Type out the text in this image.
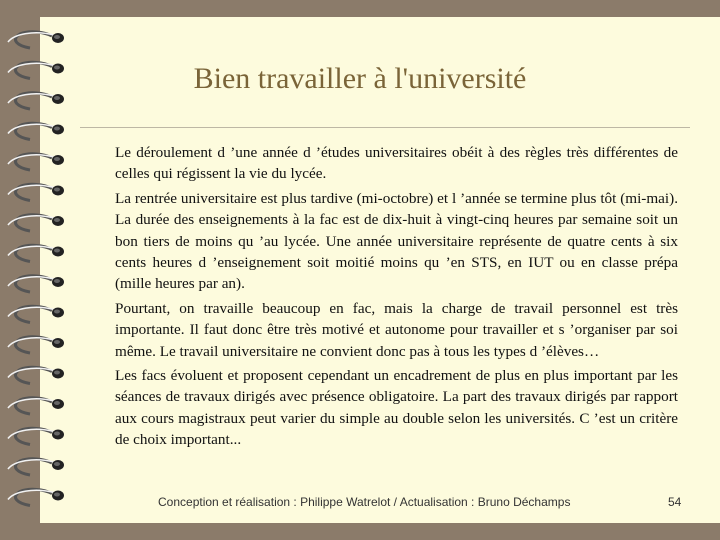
Bien travailler à l'université

Le déroulement d ’une année d ’études universitaires obéit à des règles très différentes de celles qui régissent la vie du lycée.

La rentrée universitaire est plus tardive (mi-octobre) et l ’année se termine plus tôt (mi-mai). La durée des enseignements à la fac est de dix-huit à vingt-cinq heures par semaine soit un bon tiers de moins qu ’au lycée. Une année universitaire représente de quatre cents à six cents heures d ’enseignement soit moitié moins qu ’en STS, en IUT ou en classe prépa (mille heures par an).

Pourtant, on travaille beaucoup en fac, mais la charge de travail personnel est très importante. Il faut donc être très motivé et autonome pour travailler et s ’organiser par soi même. Le travail universitaire ne convient donc pas à tous les types d ’élèves…

Les facs évoluent et proposent cependant un encadrement de plus en plus important par les séances de travaux dirigés avec présence obligatoire. La part des travaux dirigés par rapport aux cours magistraux peut varier du simple au double selon les universités. C ’est un critère de choix important...

Conception et réalisation : Philippe Watrelot / Actualisation : Bruno Déchamps	54
